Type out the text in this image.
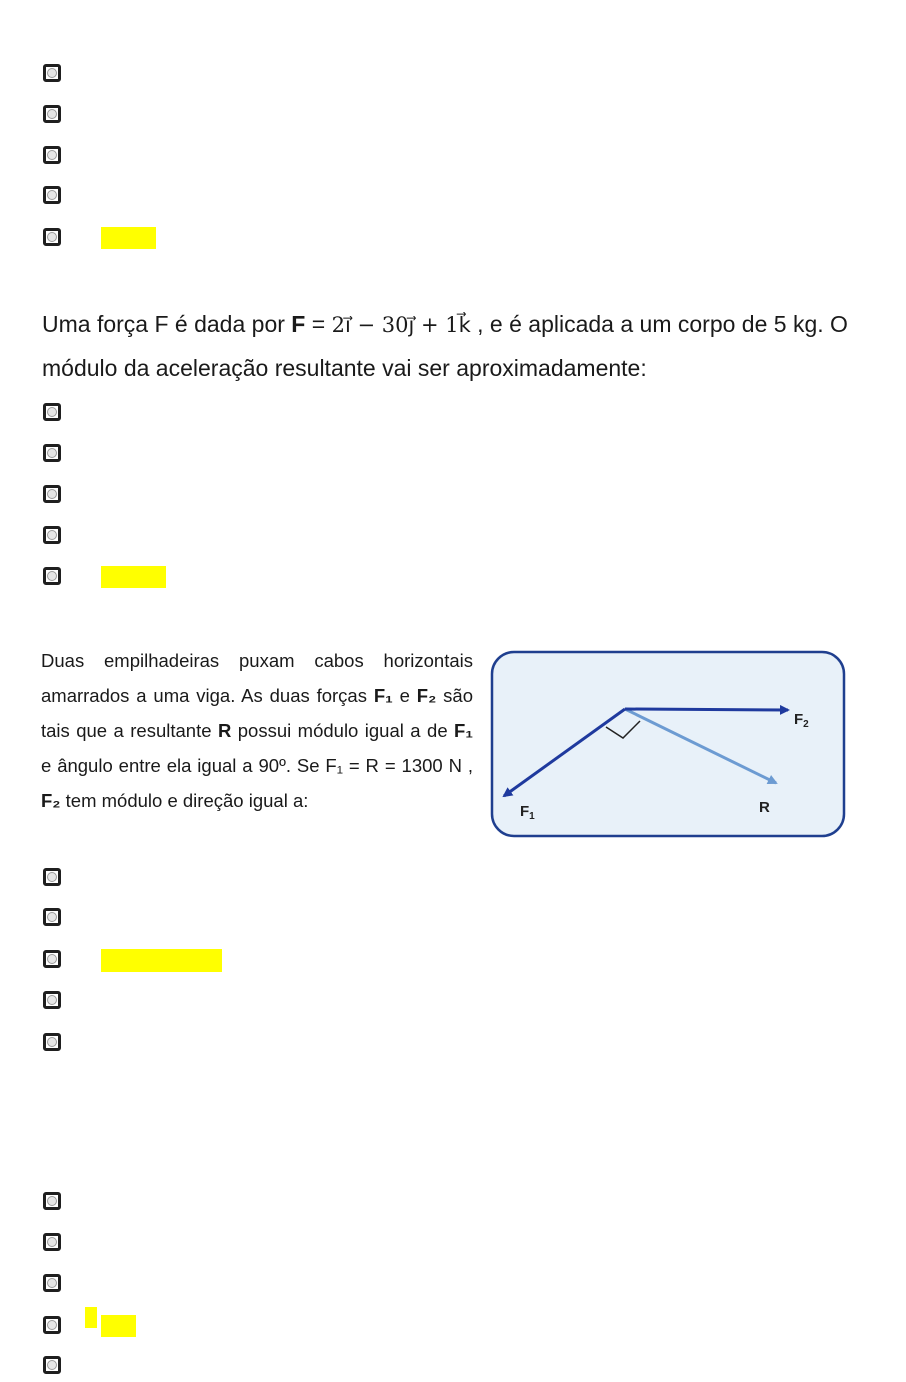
Uma força F é dada por F = 2i⃗ − 30j⃗ + 1k⃗ , e é aplicada a um corpo de 5 kg. O
módulo da aceleração resultante vai ser aproximadamente:

Duas empilhadeiras puxam cabos horizontais amarrados a uma viga. As duas forças F₁ e F₂ são tais que a resultante R possui módulo igual a de F₁ e ângulo entre ela igual a 90º. Se F₁ = R = 1300 N , F₂ tem módulo e direção igual a:

$F_2$
$F_1$
R
